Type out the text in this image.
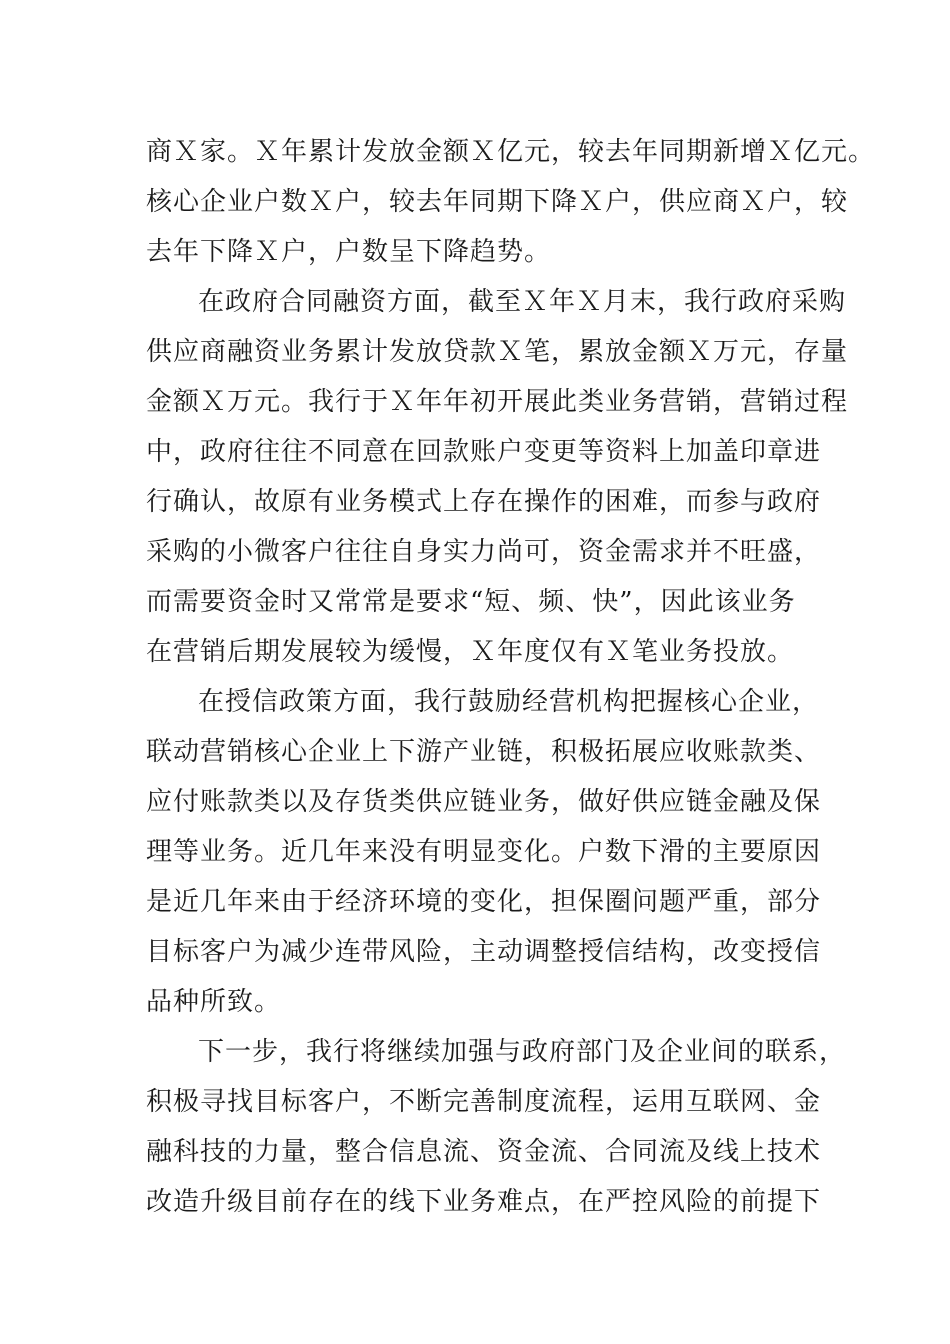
商Ｘ家。Ｘ年累计发放金额Ｘ亿元，较去年同期新增Ｘ亿元。
核心企业户数Ｘ户，较去年同期下降Ｘ户，供应商Ｘ户，较
去年下降Ｘ户，户数呈下降趋势。
在政府合同融资方面，截至Ｘ年Ｘ月末，我行政府采购
供应商融资业务累计发放贷款Ｘ笔，累放金额Ｘ万元，存量
金额Ｘ万元。我行于Ｘ年年初开展此类业务营销，营销过程
中，政府往往不同意在回款账户变更等资料上加盖印章进
行确认，故原有业务模式上存在操作的困难，而参与政府
采购的小微客户往往自身实力尚可，资金需求并不旺盛，
而需要资金时又常常是要求“短、频、快”，因此该业务
在营销后期发展较为缓慢，Ｘ年度仅有Ｘ笔业务投放。
在授信政策方面，我行鼓励经营机构把握核心企业，
联动营销核心企业上下游产业链，积极拓展应收账款类、
应付账款类以及存货类供应链业务，做好供应链金融及保
理等业务。近几年来没有明显变化。户数下滑的主要原因
是近几年来由于经济环境的变化，担保圈问题严重，部分
目标客户为减少连带风险，主动调整授信结构，改变授信
品种所致。
下一步，我行将继续加强与政府部门及企业间的联系，
积极寻找目标客户，不断完善制度流程，运用互联网、金
融科技的力量，整合信息流、资金流、合同流及线上技术
改造升级目前存在的线下业务难点，在严控风险的前提下
